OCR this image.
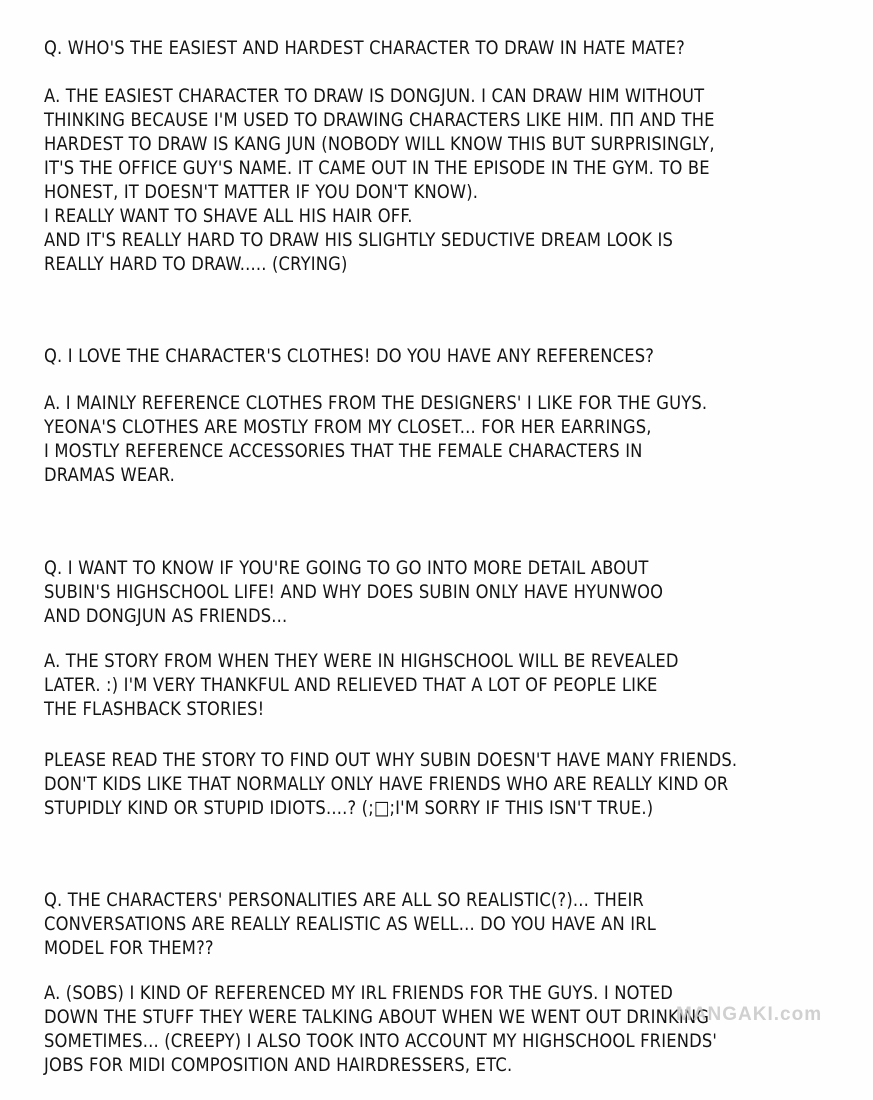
Q. WHO'S THE EASIEST AND HARDEST CHARACTER TO DRAW IN HATE MATE?
A. THE EASIEST CHARACTER TO DRAW IS DONGJUN. I CAN DRAW HIM WITHOUT
THINKING BECAUSE I'M USED TO DRAWING CHARACTERS LIKE HIM. ΠΠ AND THE
HARDEST TO DRAW IS KANG JUN (NOBODY WILL KNOW THIS BUT SURPRISINGLY,
IT'S THE OFFICE GUY'S NAME. IT CAME OUT IN THE EPISODE IN THE GYM. TO BE
HONEST, IT DOESN'T MATTER IF YOU DON'T KNOW).
I REALLY WANT TO SHAVE ALL HIS HAIR OFF.
AND IT'S REALLY HARD TO DRAW HIS SLIGHTLY SEDUCTIVE DREAM LOOK IS
REALLY HARD TO DRAW..... (CRYING)
Q. I LOVE THE CHARACTER'S CLOTHES! DO YOU HAVE ANY REFERENCES?
A. I MAINLY REFERENCE CLOTHES FROM THE DESIGNERS' I LIKE FOR THE GUYS.
YEONA'S CLOTHES ARE MOSTLY FROM MY CLOSET... FOR HER EARRINGS,
I MOSTLY REFERENCE ACCESSORIES THAT THE FEMALE CHARACTERS IN
DRAMAS WEAR.
Q. I WANT TO KNOW IF YOU'RE GOING TO GO INTO MORE DETAIL ABOUT
SUBIN'S HIGHSCHOOL LIFE! AND WHY DOES SUBIN ONLY HAVE HYUNWOO
AND DONGJUN AS FRIENDS...
A. THE STORY FROM WHEN THEY WERE IN HIGHSCHOOL WILL BE REVEALED
LATER. :) I'M VERY THANKFUL AND RELIEVED THAT A LOT OF PEOPLE LIKE
THE FLASHBACK STORIES!
PLEASE READ THE STORY TO FIND OUT WHY SUBIN DOESN'T HAVE MANY FRIENDS.
DON'T KIDS LIKE THAT NORMALLY ONLY HAVE FRIENDS WHO ARE REALLY KIND OR
STUPIDLY KIND OR STUPID IDIOTS....? (;□;I'M SORRY IF THIS ISN'T TRUE.)
Q. THE CHARACTERS' PERSONALITIES ARE ALL SO REALISTIC(?)... THEIR
CONVERSATIONS ARE REALLY REALISTIC AS WELL... DO YOU HAVE AN IRL
MODEL FOR THEM??
A. (SOBS) I KIND OF REFERENCED MY IRL FRIENDS FOR THE GUYS. I NOTED
DOWN THE STUFF THEY WERE TALKING ABOUT WHEN WE WENT OUT DRINKING
SOMETIMES... (CREEPY) I ALSO TOOK INTO ACCOUNT MY HIGHSCHOOL FRIENDS'
JOBS FOR MIDI COMPOSITION AND HAIRDRESSERS, ETC.
MANGAKI.com
